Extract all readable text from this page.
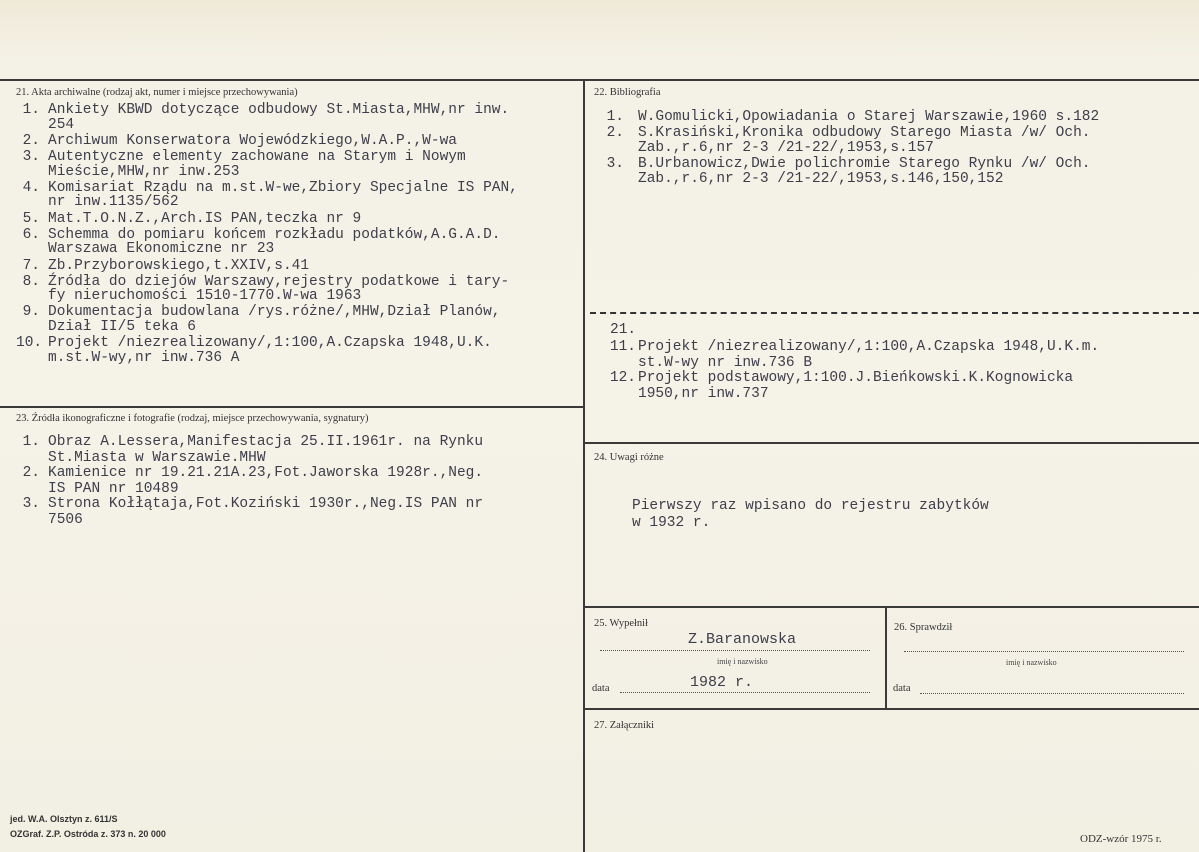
21. Akta archiwalne (rodzaj akt, numer i miejsce przechowywania)
1. Ankiety KBWD dotyczące odbudowy St.Miasta,MHW,nr inw.
254
2. Archiwum Konserwatora Wojewódzkiego,W.A.P.,W-wa
3. Autentyczne elementy zachowane na Starym i Nowym
Mieście,MHW,nr inw.253
4. Komisariat Rządu na m.st.W-we,Zbiory Specjalne IS PAN,
nr inw.1135/562
5. Mat.T.O.N.Z.,Arch.IS PAN,teczka nr 9
6. Schemma do pomiaru końcem rozkładu podatków,A.G.A.D.
Warszawa Ekonomiczne nr 23
7. Zb.Przyborowskiego,t.XXIV,s.41
8. Źródła do dziejów Warszawy,rejestry podatkowe i tary-
fy nieruchomości 1510-1770.W-wa 1963
9. Dokumentacja budowlana /rys.różne/,MHW,Dział Planów,
Dział II/5 teka 6
10. Projekt /niezrealizowany/,1:100,A.Czapska 1948,U.K.
m.st.W-wy,nr inw.736 A
22. Bibliografia
1. W.Gomulicki,Opowiadania o Starej Warszawie,1960 s.182
2. S.Krasiński,Kronika odbudowy Starego Miasta /w/ Och.
Zab.,r.6,nr 2-3 /21-22/,1953,s.157
3. B.Urbanowicz,Dwie polichromie Starego Rynku /w/ Och.
Zab.,r.6,nr 2-3 /21-22/,1953,s.146,150,152
21.
11. Projekt /niezrealizowany/,1:100,A.Czapska 1948,U.K.m.
st.W-wy nr inw.736 B
12. Projekt podstawowy,1:100.J.Bieńkowski.K.Kognowicka
1950,nr inw.737
23. Źródła ikonograficzne i fotografie (rodzaj, miejsce przechowywania, sygnatury)
1. Obraz A.Lessera,Manifestacja 25.II.1961r. na Rynku
St.Miasta w Warszawie.MHW
2. Kamienice nr 19.21.21A.23,Fot.Jaworska 1928r.,Neg.
IS PAN nr 10489
3. Strona Kołłątaja,Fot.Koziński 1930r.,Neg.IS PAN nr
7506
24. Uwagi różne
Pierwszy raz wpisano do rejestru zabytków
w 1932 r.
25. Wypełnił
Z.Baranowska
imię i nazwisko
data	1982 r.
26. Sprawdził
imię i nazwisko
data
27. Załączniki
jed. W.A. Olsztyn z. 611/S
OZGraf. Z.P. Ostróda z. 373 n. 20 000	ODZ-wzór 1975 r.
